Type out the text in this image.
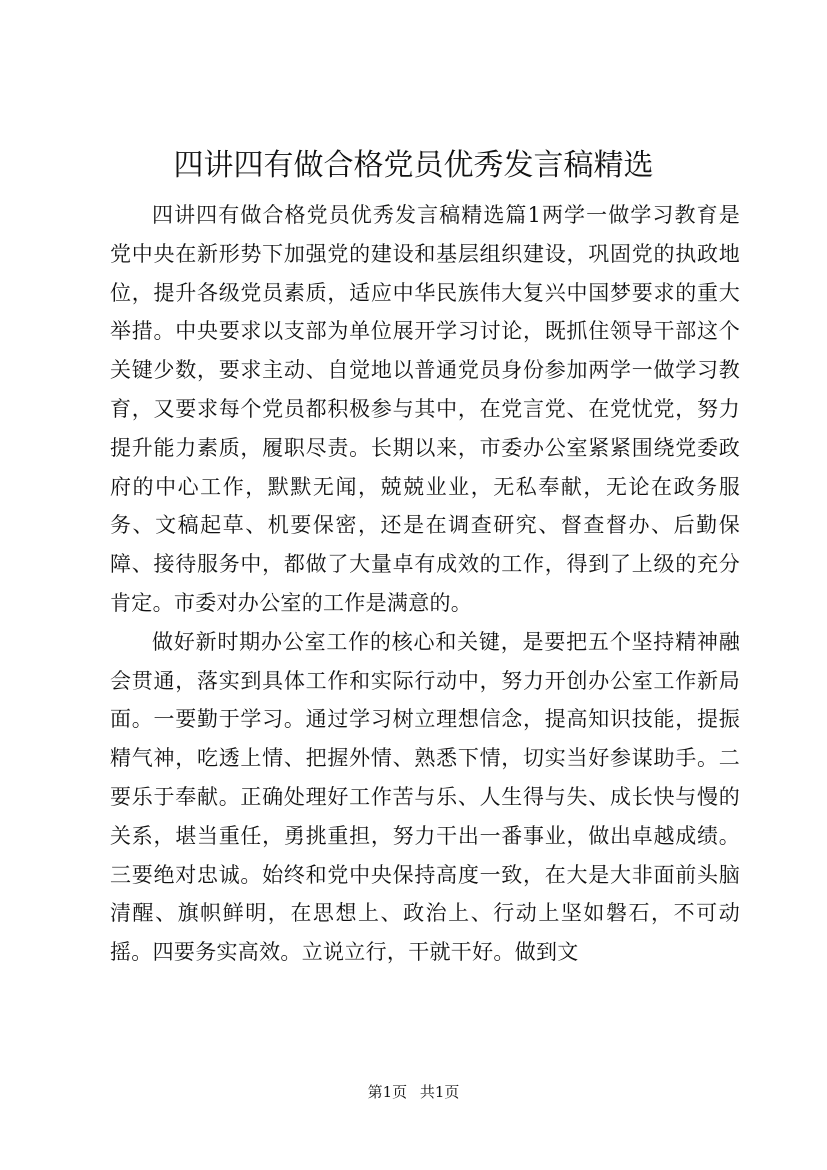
四讲四有做合格党员优秀发言稿精选

四讲四有做合格党员优秀发言稿精选篇1两学一做学习教育是党中央在新形势下加强党的建设和基层组织建设，巩固党的执政地位，提升各级党员素质，适应中华民族伟大复兴中国梦要求的重大举措。中央要求以支部为单位展开学习讨论，既抓住领导干部这个关键少数，要求主动、自觉地以普通党员身份参加两学一做学习教育，又要求每个党员都积极参与其中，在党言党、在党忧党，努力提升能力素质，履职尽责。长期以来，市委办公室紧紧围绕党委政府的中心工作，默默无闻，兢兢业业，无私奉献，无论在政务服务、文稿起草、机要保密，还是在调查研究、督查督办、后勤保障、接待服务中，都做了大量卓有成效的工作，得到了上级的充分肯定。市委对办公室的工作是满意的。

做好新时期办公室工作的核心和关键，是要把五个坚持精神融会贯通，落实到具体工作和实际行动中，努力开创办公室工作新局面。一要勤于学习。通过学习树立理想信念，提高知识技能，提振精气神，吃透上情、把握外情、熟悉下情，切实当好参谋助手。二要乐于奉献。正确处理好工作苦与乐、人生得与失、成长快与慢的关系，堪当重任，勇挑重担，努力干出一番事业，做出卓越成绩。三要绝对忠诚。始终和党中央保持高度一致，在大是大非面前头脑清醒、旗帜鲜明，在思想上、政治上、行动上坚如磐石，不可动摇。四要务实高效。立说立行，干就干好。做到文

第1页 共1页
